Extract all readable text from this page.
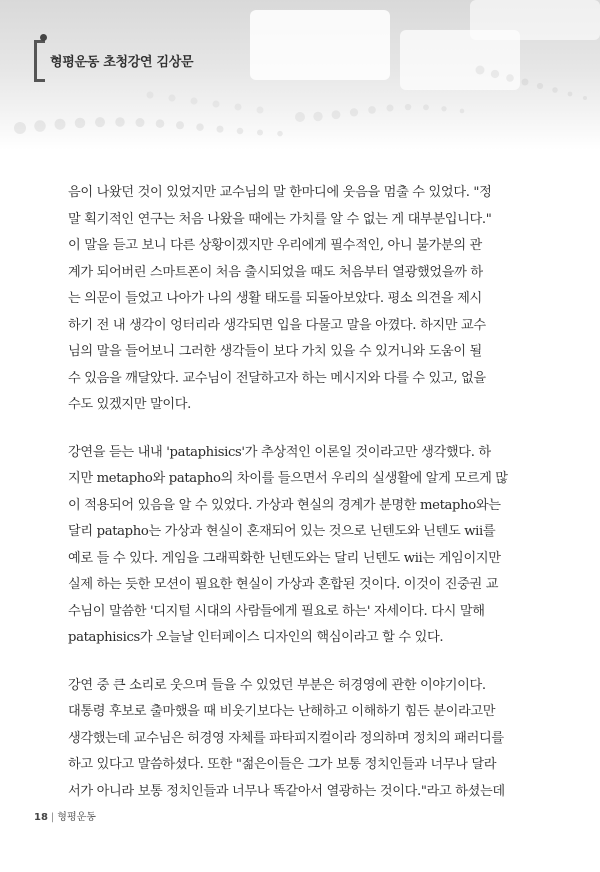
형평운동 초청강연 김상문
음이 나왔던 것이 있었지만 교수님의 말 한마디에 웃음을 멈출 수 있었다. "정
말 획기적인 연구는 처음 나왔을 때에는 가치를 알 수 없는 게 대부분입니다."
이 말을 듣고 보니 다른 상황이겠지만 우리에게 필수적인, 아니 불가분의 관
계가 되어버린 스마트폰이 처음 출시되었을 때도 처음부터 열광했었을까 하
는 의문이 들었고 나아가 나의 생활 태도를 되돌아보았다. 평소 의견을 제시
하기 전 내 생각이 엉터리라 생각되면 입을 다물고 말을 아꼈다. 하지만 교수
님의 말을 들어보니 그러한 생각들이 보다 가치 있을 수 있거니와 도움이 될
수 있음을 깨달았다. 교수님이 전달하고자 하는 메시지와 다를 수 있고, 없을
수도 있겠지만 말이다.
강연을 듣는 내내 'pataphisics'가 추상적인 이론일 것이라고만 생각했다. 하
지만 metapho와 patapho의 차이를 들으면서 우리의 실생활에 알게 모르게 많
이 적용되어 있음을 알 수 있었다. 가상과 현실의 경계가 분명한 metapho와는
달리 patapho는 가상과 현실이 혼재되어 있는 것으로 닌텐도와 닌텐도 wii를
예로 들 수 있다. 게임을 그래픽화한 닌텐도와는 달리 닌텐도 wii는 게임이지만
실제 하는 듯한 모션이 필요한 현실이 가상과 혼합된 것이다. 이것이 진중권 교
수님이 말씀한 '디지털 시대의 사람들에게 필요로 하는' 자세이다. 다시 말해
pataphisics가 오늘날 인터페이스 디자인의 핵심이라고 할 수 있다.
강연 중 큰 소리로 웃으며 들을 수 있었던 부분은 허경영에 관한 이야기이다.
대통령 후보로 출마했을 때 비웃기보다는 난해하고 이해하기 힘든 분이라고만
생각했는데 교수님은 허경영 자체를 파타피지컬이라 정의하며 정치의 패러디를
하고 있다고 말씀하셨다. 또한 "젊은이들은 그가 보통 정치인들과 너무나 달라
서가 아니라 보통 정치인들과 너무나 똑같아서 열광하는 것이다."라고 하셨는데
18 | 형평운동
